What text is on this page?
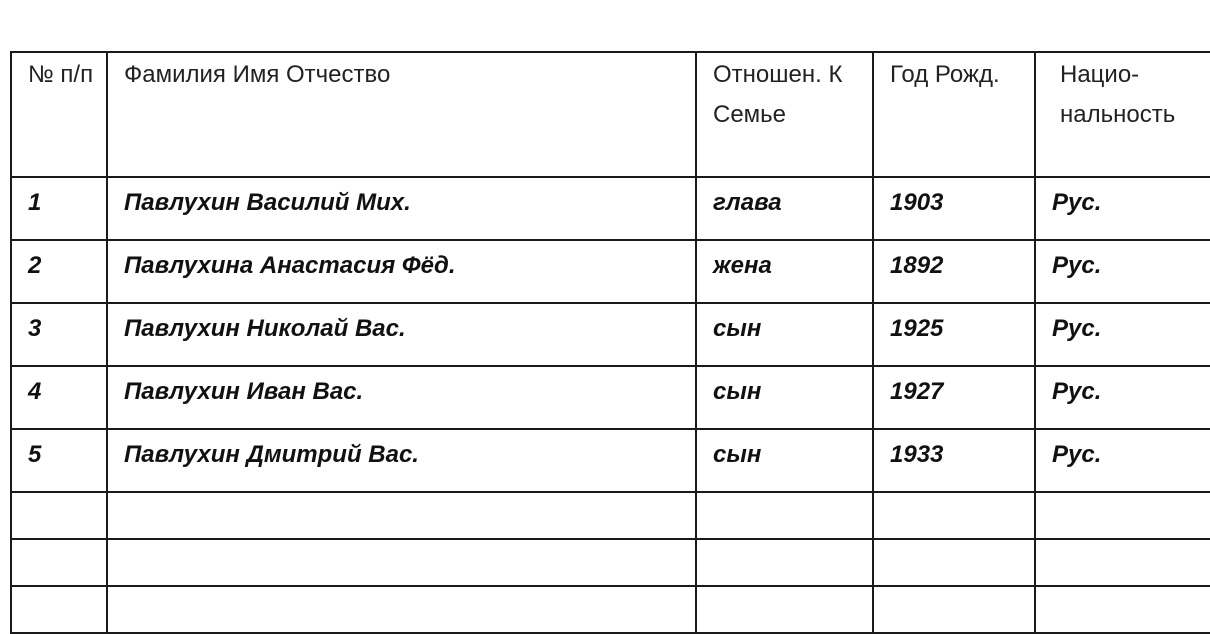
№ п/п	Фамилия Имя Отчество	Отношен. К Семье	Год Рожд.	Нацио-нальность
1	Павлухин Василий Мих.	глава	1903	Рус.
2	Павлухина Анастасия Фёд.	жена	1892	Рус.
3	Павлухин Николай Вас.	сын	1925	Рус.
4	Павлухин Иван Вас.	сын	1927	Рус.
5	Павлухин Дмитрий Вас.	сын	1933	Рус.
